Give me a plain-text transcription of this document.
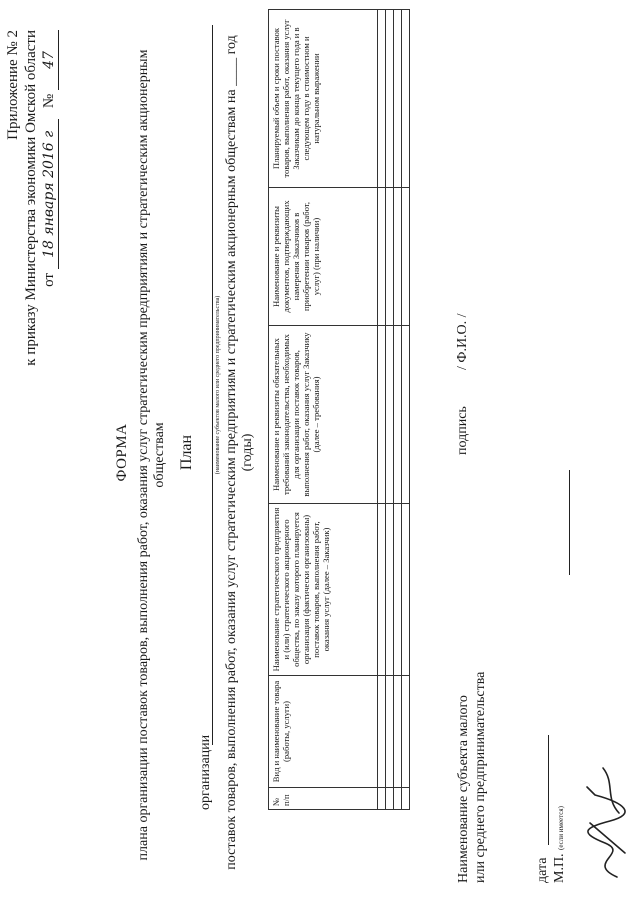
Приложение № 2 к приказу Министерства экономики Омской области от 18 января 2016 г   № 47
ФОРМА плана организации поставок товаров, выполнения работ, оказания услуг стратегическим предприятиям и стратегическим акционерным обществам План
организации
(наименование субъектов малого или среднего предпринимательства) поставок товаров, выполнения работ, оказания услуг стратегическим предприятиям и стратегическим акционерным обществам на ____ год (годы)
№ п/п	Вид и наименование товара (работы, услуги)	Наименование стратегического предприятия и (или) стратегического акционерного общества, по заказу которого планируется организация (фактически организованы) поставок товаров, выполнения работ, оказания услуг (далее – Заказчик)	Наименование и реквизиты обязательных требований законодательства, необходимых для организации поставок товаров, выполнения работ, оказания услуг Заказчику (далее – требования)	Наименование и реквизиты документов, подтверждающих намерения Заказчиков в приобретении товаров (работ, услуг) (при наличии)	Планируемый объем и сроки поставок товаров, выполнения работ, оказания услуг Заказчикам до конца текущего года и в следующем году в стоимостном и натуральном выражении

Наименование субъекта малого или среднего предпринимательства
подпись
/ Ф.И.О. /
дата М.П. (если имеется)
